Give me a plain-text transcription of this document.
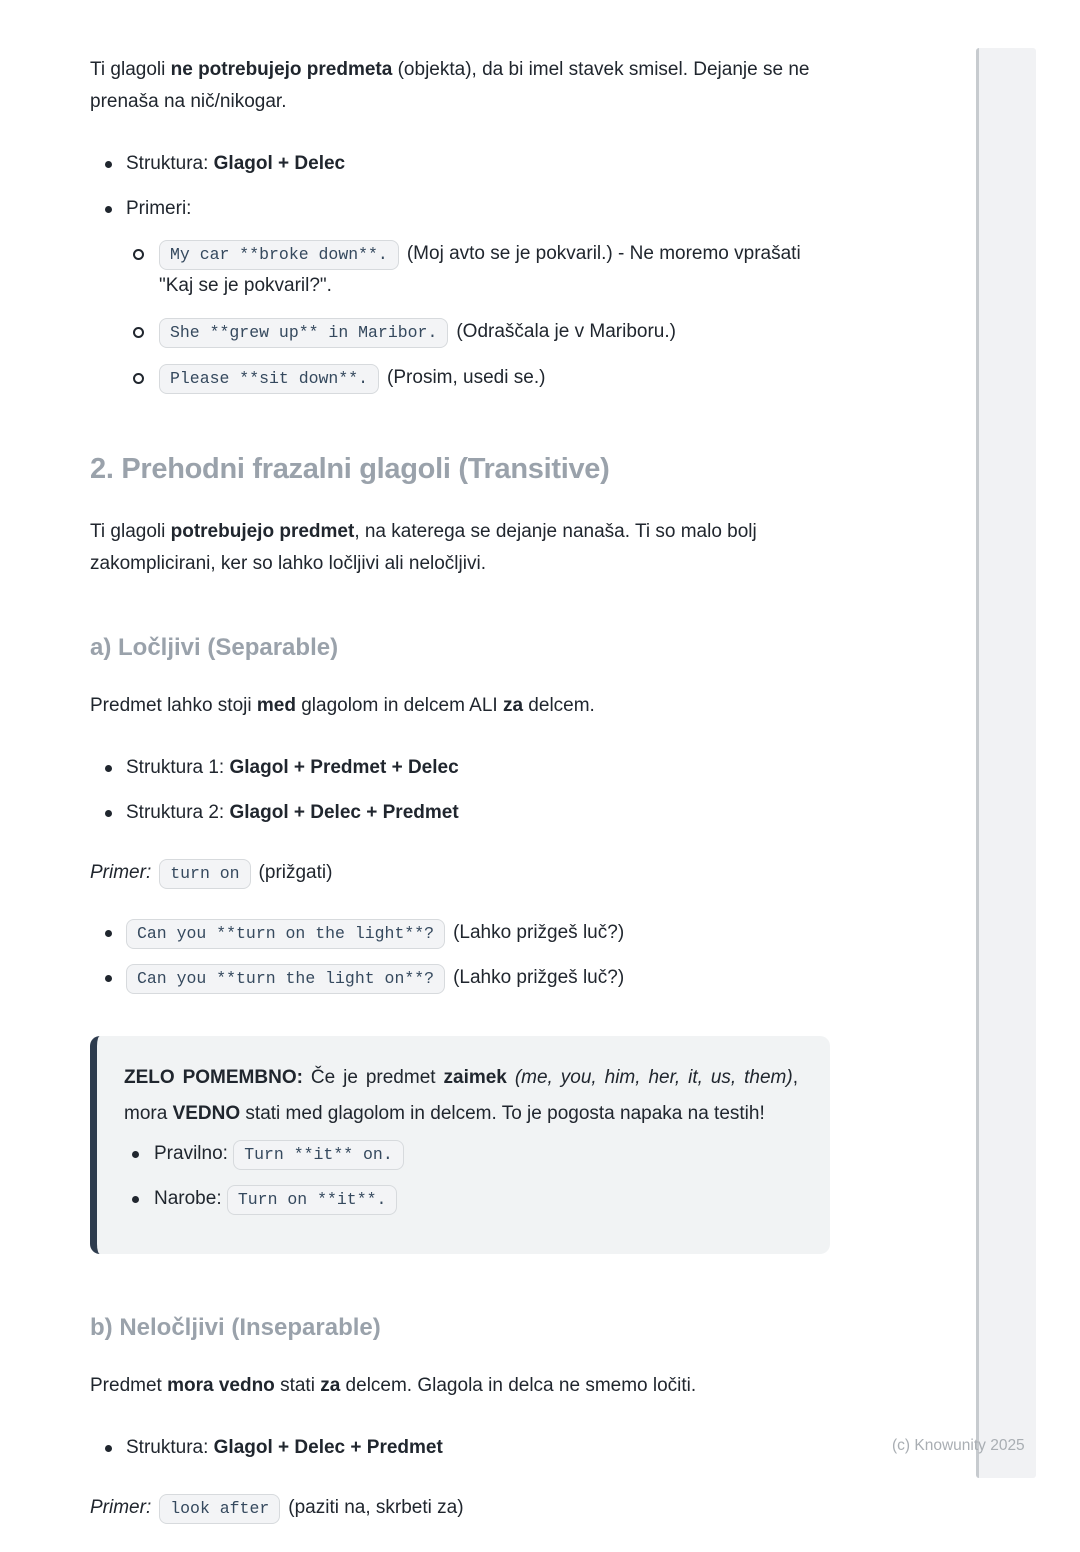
Ti glagoli ne potrebujejo predmeta (objekta), da bi imel stavek smisel. Dejanje se ne prenaša na nič/nikogar.

Struktura: Glagol + Delec
Primeri:
My car **broke down**. (Moj avto se je pokvaril.) - Ne moremo vprašati "Kaj se je pokvaril?".
She **grew up** in Maribor. (Odraščala je v Mariboru.)
Please **sit down**. (Prosim, usedi se.)
2. Prehodni frazalni glagoli (Transitive)

Ti glagoli potrebujejo predmet, na katerega se dejanje nanaša. Ti so malo bolj zakomplicirani, ker so lahko ločljivi ali neločljivi.

a) Ločljivi (Separable)

Predmet lahko stoji med glagolom in delcem ALI za delcem.

Struktura 1: Glagol + Predmet + Delec
Struktura 2: Glagol + Delec + Predmet

Primer: turn on (prižgati)

Can you **turn on the light**? (Lahko prižgeš luč?)
Can you **turn the light on**? (Lahko prižgeš luč?)

ZELO POMEMBNO: Če je predmet zaimek (me, you, him, her, it, us, them), mora VEDNO stati med glagolom in delcem. To je pogosta napaka na testih!

Pravilno: Turn **it** on.
Narobe: Turn on **it**.
b) Neločljivi (Inseparable)

Predmet mora vedno stati za delcem. Glagola in delca ne smemo ločiti.

Struktura: Glagol + Delec + Predmet

Primer: look after (paziti na, skrbeti za)

(c) Knowunity 2025
